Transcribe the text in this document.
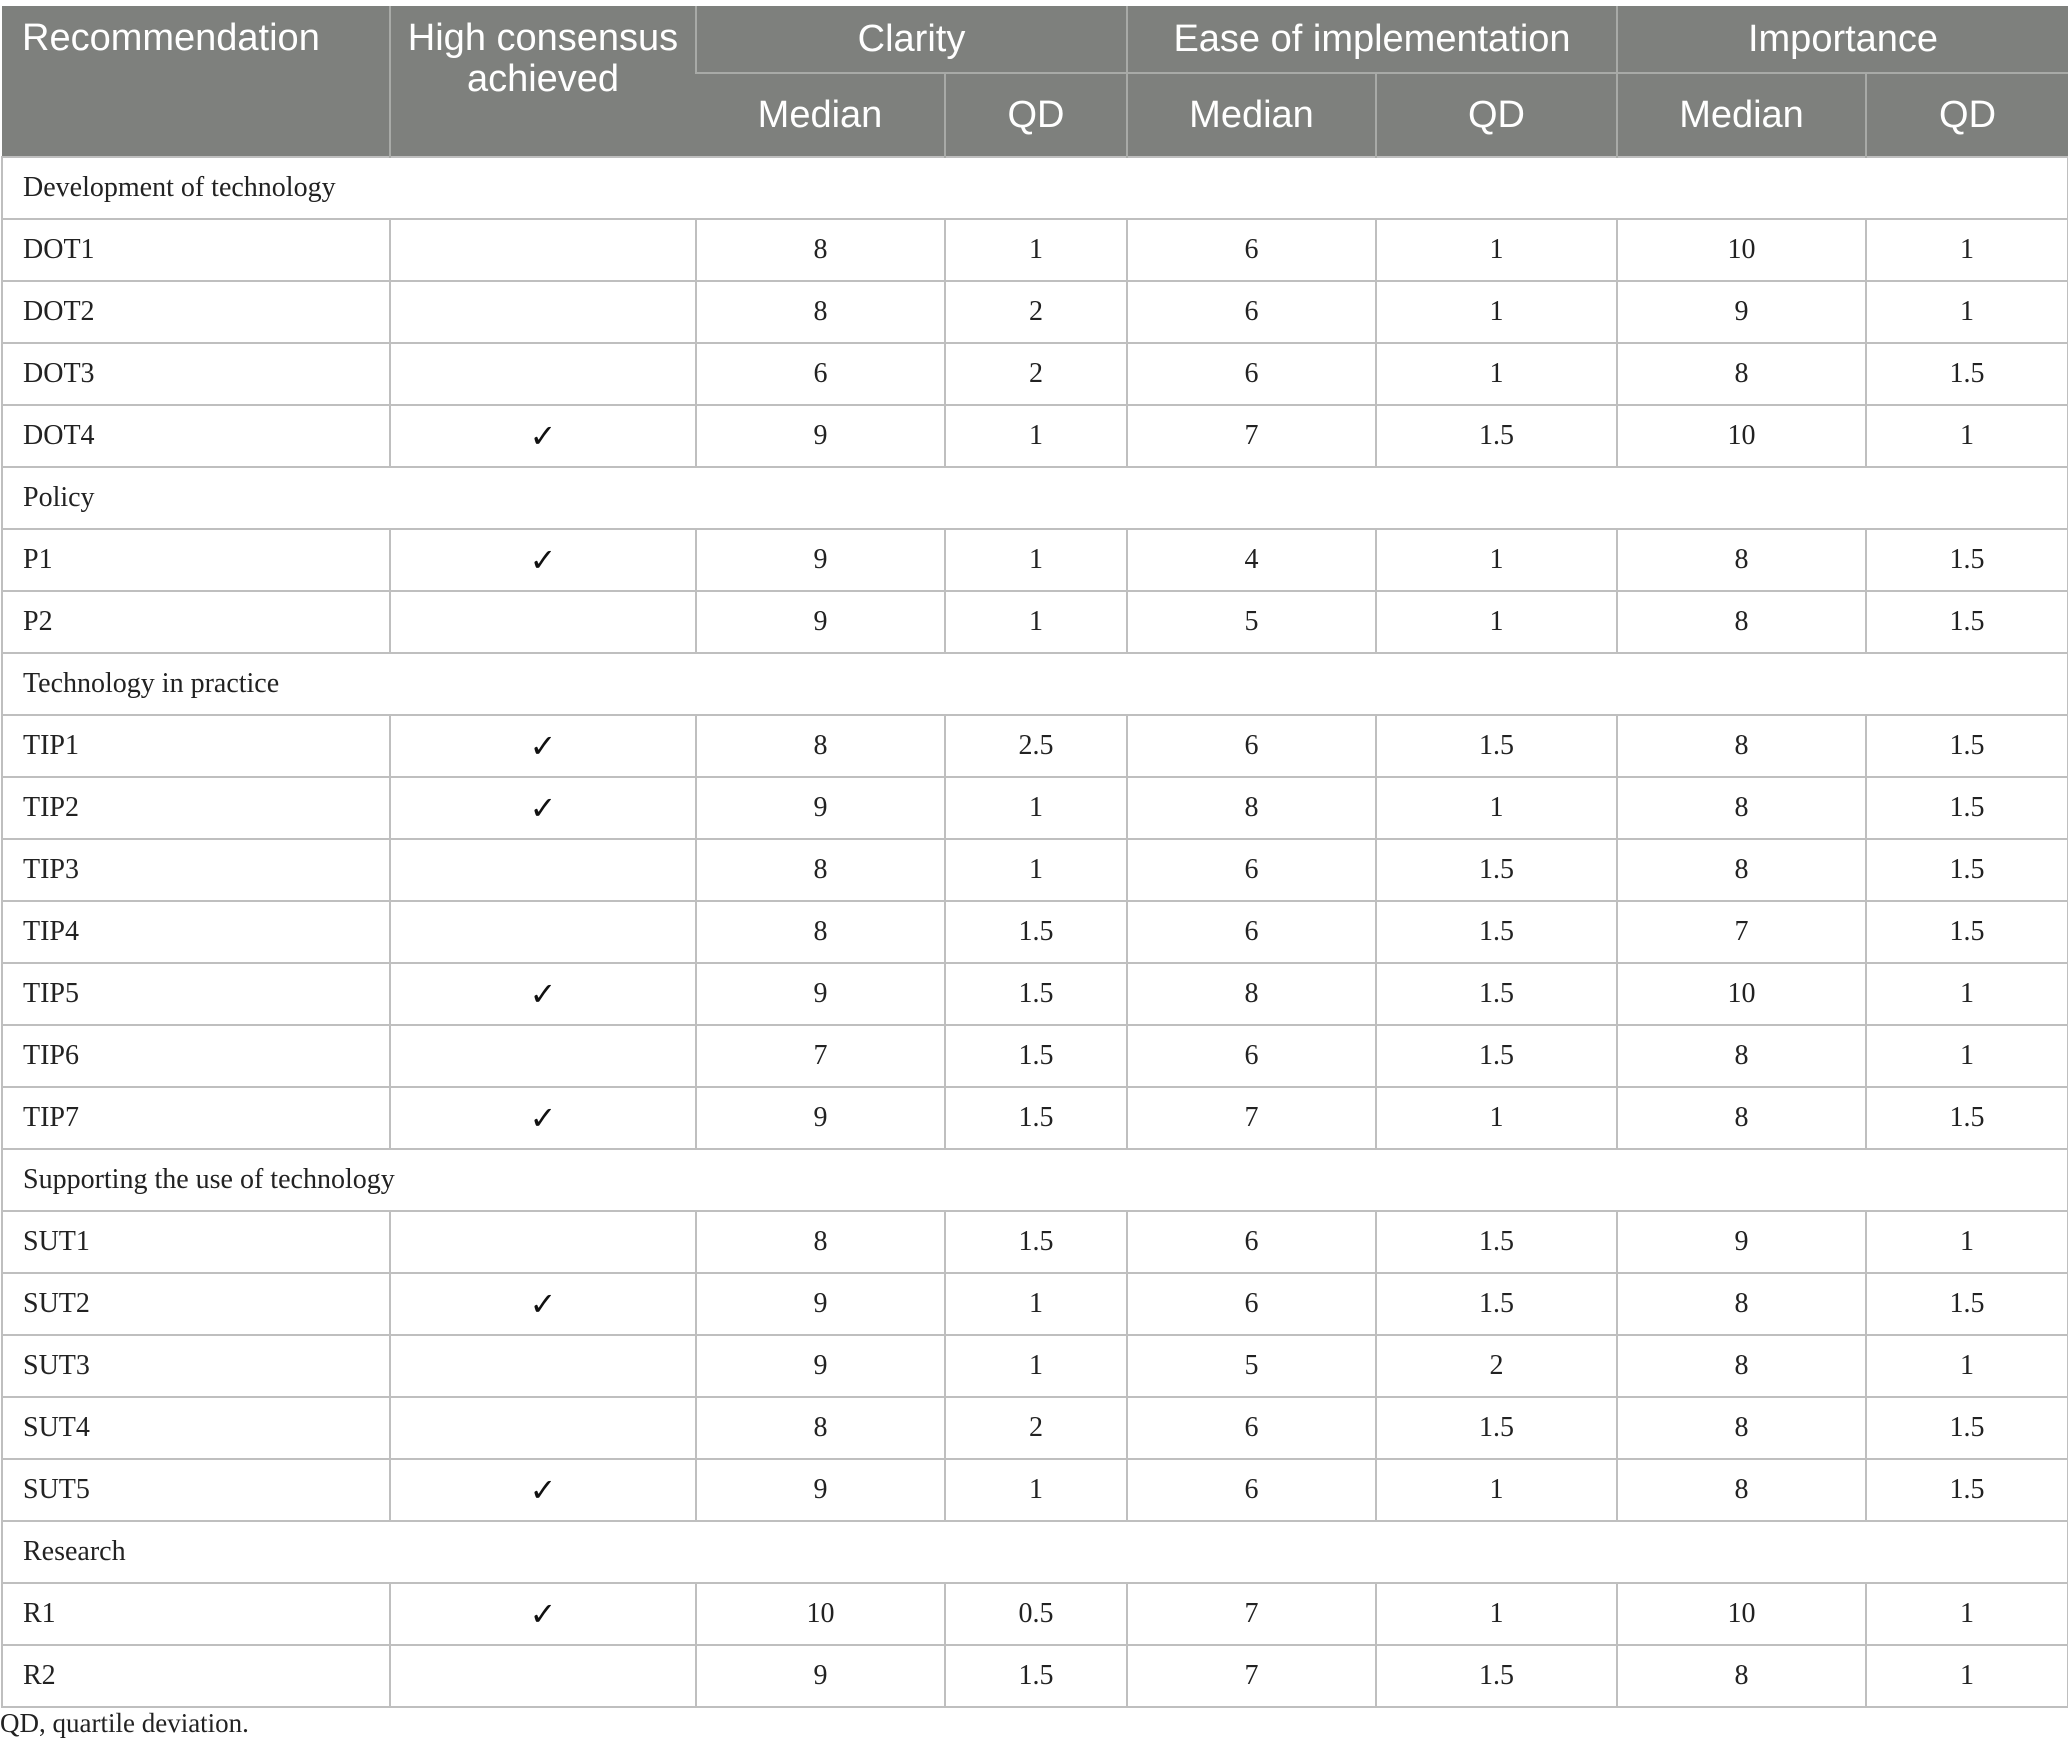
Recommendation	High consensus achieved	Clarity		Ease of implementation		Importance	
		Median	QD	Median	QD	Median	QD
Development of technology							
DOT1		8	1	6	1	10	1
DOT2		8	2	6	1	9	1
DOT3		6	2	6	1	8	1.5
DOT4	✓	9	1	7	1.5	10	1
Policy							
P1	✓	9	1	4	1	8	1.5
P2		9	1	5	1	8	1.5
Technology in practice							
TIP1	✓	8	2.5	6	1.5	8	1.5
TIP2	✓	9	1	8	1	8	1.5
TIP3		8	1	6	1.5	8	1.5
TIP4		8	1.5	6	1.5	7	1.5
TIP5	✓	9	1.5	8	1.5	10	1
TIP6		7	1.5	6	1.5	8	1
TIP7	✓	9	1.5	7	1	8	1.5
Supporting the use of technology							
SUT1		8	1.5	6	1.5	9	1
SUT2	✓	9	1	6	1.5	8	1.5
SUT3		9	1	5	2	8	1
SUT4		8	2	6	1.5	8	1.5
SUT5	✓	9	1	6	1	8	1.5
Research							
R1	✓	10	0.5	7	1	10	1
R2		9	1.5	7	1.5	8	1
QD, quartile deviation.
